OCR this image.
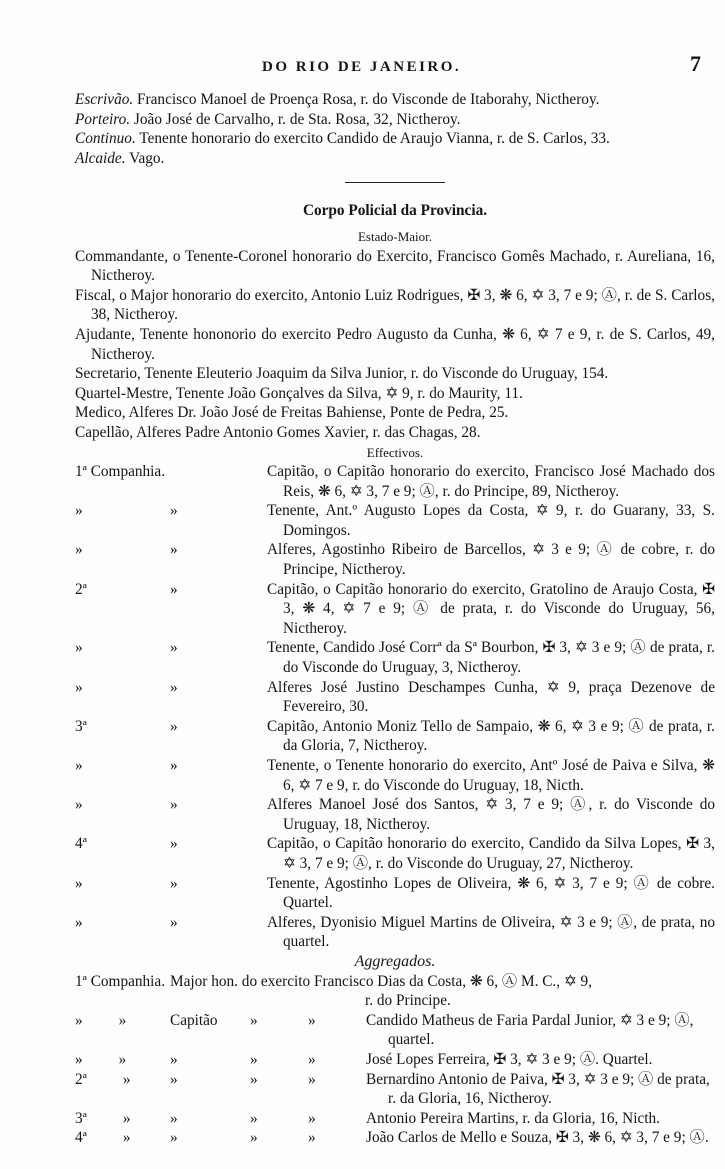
DO RIO DE JANEIRO.	7
Escrivão. Francisco Manoel de Proença Rosa, r. do Visconde de Itaborahy, Nictheroy.
Porteiro. João José de Carvalho, r. de Sta. Rosa, 32, Nictheroy.
Continuo. Tenente honorario do exercito Candido de Araujo Vianna, r. de S. Carlos, 33.
Alcaide. Vago.
Corpo Policial da Provincia.
Estado-Maior.
Commandante, o Tenente-Coronel honorario do Exercito, Francisco Gomês Machado, r. Aureliana, 16, Nictheroy.
Fiscal, o Major honorario do exercito, Antonio Luiz Rodrigues, ✠ 3, ❋ 6, ✡ 3, 7 e 9; Ⓐ, r. de S. Carlos, 38, Nictheroy.
Ajudante, Tenente hononorio do exercito Pedro Augusto da Cunha, ❋ 6, ✡ 7 e 9, r. de S. Carlos, 49, Nictheroy.
Secretario, Tenente Eleuterio Joaquim da Silva Junior, r. do Visconde do Uruguay, 154.
Quartel-Mestre, Tenente João Gonçalves da Silva, ✡ 9, r. do Maurity, 11.
Medico, Alferes Dr. João José de Freitas Bahiense, Ponte de Pedra, 25.
Capellão, Alferes Padre Antonio Gomes Xavier, r. das Chagas, 28.
Effectivos.
1ª Companhia.	Capitão, o Capitão honorario do exercito, Francisco José Machado dos Reis, ❋ 6, ✡ 3, 7 e 9; Ⓐ, r. do Principe, 89, Nictheroy.
»	»	Tenente, Ant.º Augusto Lopes da Costa, ✡ 9, r. do Guarany, 33, S. Domingos.
»	»	Alferes, Agostinho Ribeiro de Barcellos, ✡ 3 e 9; Ⓐ de cobre, r. do Principe, Nictheroy.
2ª	»	Capitão, o Capitão honorario do exercito, Gratolino de Araujo Costa, ✠ 3, ❋ 4, ✡ 7 e 9; Ⓐ de prata, r. do Visconde do Uruguay, 56, Nictheroy.
»	»	Tenente, Candido José Corrª da Sª Bourbon, ✠ 3, ✡ 3 e 9; Ⓐ de prata, r. do Visconde do Uruguay, 3, Nictheroy.
»	»	Alferes José Justino Deschampes Cunha, ✡ 9, praça Dezenove de Fevereiro, 30.
3ª	»	Capitão, Antonio Moniz Tello de Sampaio, ❋ 6, ✡ 3 e 9; Ⓐ de prata, r. da Gloria, 7, Nictheroy.
»	»	Tenente, o Tenente honorario do exercito, Antº José de Paiva e Silva, ❋ 6, ✡ 7 e 9, r. do Visconde do Uruguay, 18, Nicth.
»	»	Alferes Manoel José dos Santos, ✡ 3, 7 e 9; Ⓐ, r. do Visconde do Uruguay, 18, Nictheroy.
4ª	»	Capitão, o Capitão honorario do exercito, Candido da Silva Lopes, ✠ 3, ✡ 3, 7 e 9; Ⓐ, r. do Visconde do Uruguay, 27, Nictheroy.
»	»	Tenente, Agostinho Lopes de Oliveira, ❋ 6, ✡ 3, 7 e 9; Ⓐ de cobre. Quartel.
»	»	Alferes, Dyonisio Miguel Martins de Oliveira, ✡ 3 e 9; Ⓐ, de prata, no quartel.
Aggregados.
1ª Companhia. Major hon. do exercito Francisco Dias da Costa, ❋ 6, Ⓐ M. C., ✡ 9,
r. do Principe.
» »	Capitão	»	»	Candido Matheus de Faria Pardal Junior, ✡ 3 e 9; Ⓐ, quartel.
» »	»	»	»	José Lopes Ferreira, ✠ 3, ✡ 3 e 9; Ⓐ. Quartel.
2ª »	»	»	»	Bernardino Antonio de Paiva, ✠ 3, ✡ 3 e 9; Ⓐ de prata, r. da Gloria, 16, Nictheroy.
3ª »	»	»	»	Antonio Pereira Martins, r. da Gloria, 16, Nicth.
4ª »	»	»	»	João Carlos de Mello e Souza, ✠ 3, ❋ 6, ✡ 3, 7 e 9; Ⓐ.
